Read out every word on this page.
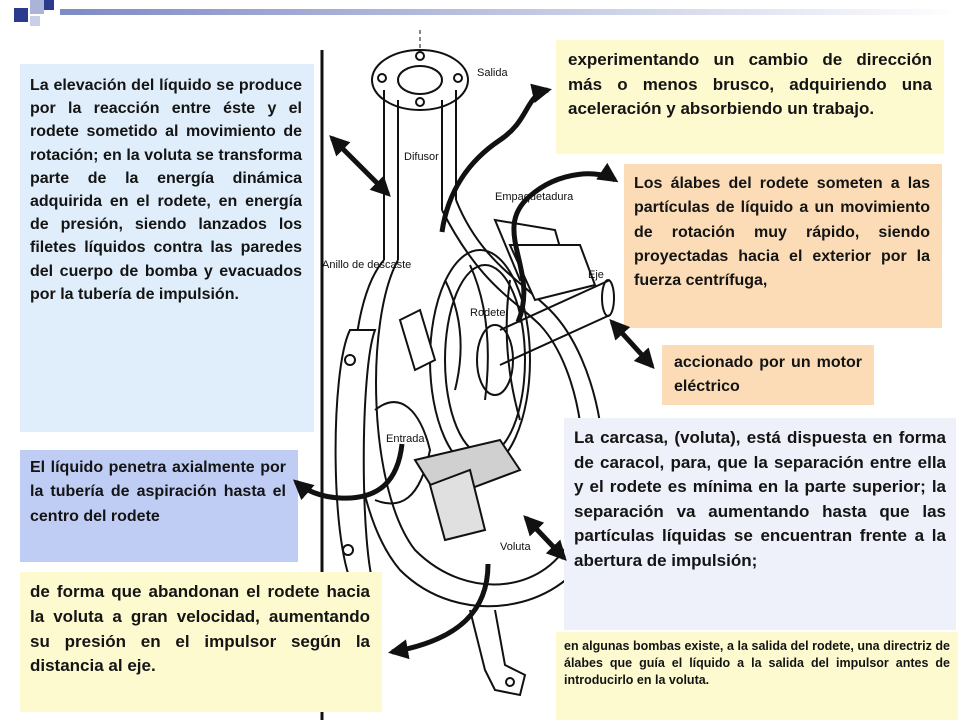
Salida
Difusor
Empaquetadura
Anillo de descaste
Eje
Rodete
Entrada
Voluta
La elevación del líquido se produce por la reacción entre éste y el rodete sometido al movimiento de rotación; en la voluta se transforma parte de la energía dinámica adquirida en el rodete, en energía de presión, siendo lanzados los filetes líquidos contra las paredes del cuerpo de bomba y evacuados por la tubería de impulsión.
experimentando un cambio de dirección más o menos brusco, adquiriendo una aceleración y absorbiendo un trabajo.
Los álabes del rodete someten a las partículas de líquido a un movimiento de rotación muy rápido, siendo proyectadas hacia el exterior por la fuerza centrífuga,
accionado por un motor eléctrico
El líquido penetra axialmente por la tubería de aspiración hasta el centro del rodete
La carcasa, (voluta), está dispuesta en forma de caracol, para, que la separación entre ella y el rodete es mínima en la parte superior; la separación va aumentando hasta que las partículas líquidas se encuentran frente a la abertura de impulsión;
de forma que abandonan el rodete hacia la voluta a gran velocidad, aumentando su presión en el impulsor según la distancia al eje.
en algunas bombas existe, a la salida del rodete, una directriz de álabes que guía el líquido a la salida del impulsor antes de introducirlo en la voluta.
